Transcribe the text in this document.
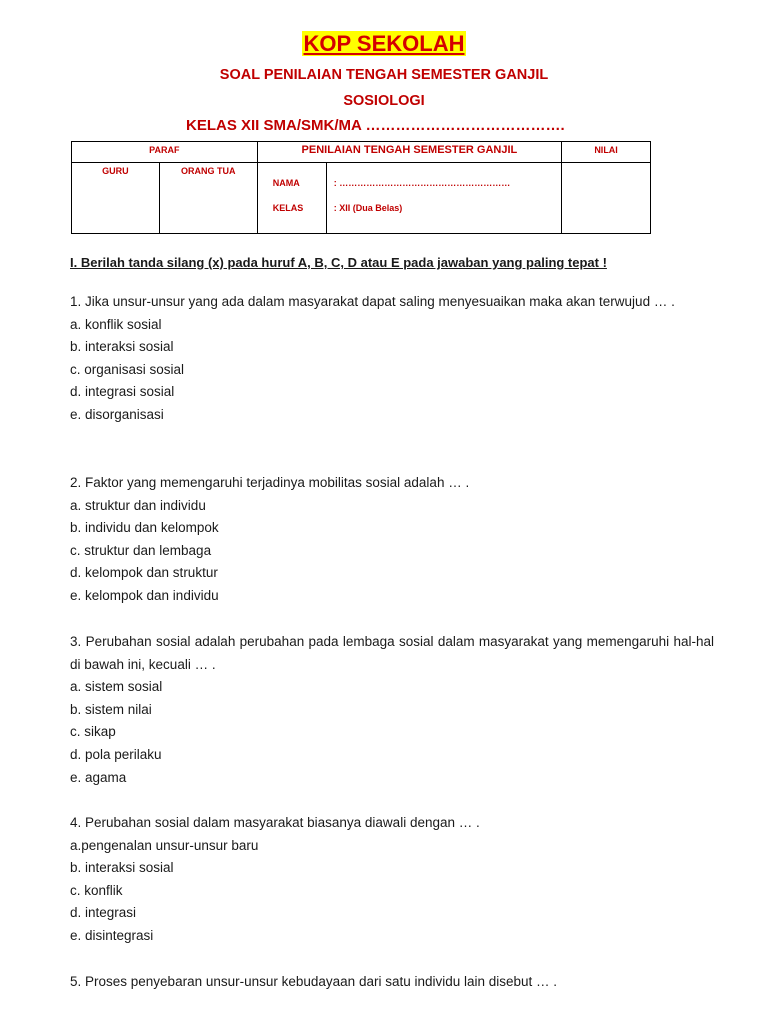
KOP SEKOLAH
SOAL PENILAIAN TENGAH SEMESTER GANJIL
SOSIOLOGI
KELAS XII SMA/SMK/MA ………………………………….
PARAF		PENILAIAN TENGAH SEMESTER GANJIL	NILAI
GURU	ORANG TUA	NAMA : …………………………………………………
KELAS : XII (Dua Belas)	

I. Berilah tanda silang (x) pada huruf A, B, C, D atau E pada jawaban yang paling tepat !
1. Jika unsur-unsur yang ada dalam masyarakat dapat saling menyesuaikan maka akan terwujud … .
a. konflik sosial
b. interaksi sosial
c. organisasi sosial
d. integrasi sosial
e. disorganisasi
2. Faktor yang memengaruhi terjadinya mobilitas sosial adalah … .
a. struktur dan individu
b. individu dan kelompok
c. struktur dan lembaga
d. kelompok dan struktur
e. kelompok dan individu
3. Perubahan sosial adalah perubahan pada lembaga sosial dalam masyarakat yang memengaruhi hal-hal di bawah ini, kecuali … .
a. sistem sosial
b. sistem nilai
c. sikap
d. pola perilaku
e. agama
4. Perubahan sosial dalam masyarakat biasanya diawali dengan … .
a.pengenalan unsur-unsur baru
b. interaksi sosial
c. konflik
d. integrasi
e. disintegrasi
5. Proses penyebaran unsur-unsur kebudayaan dari satu individu lain disebut … .
